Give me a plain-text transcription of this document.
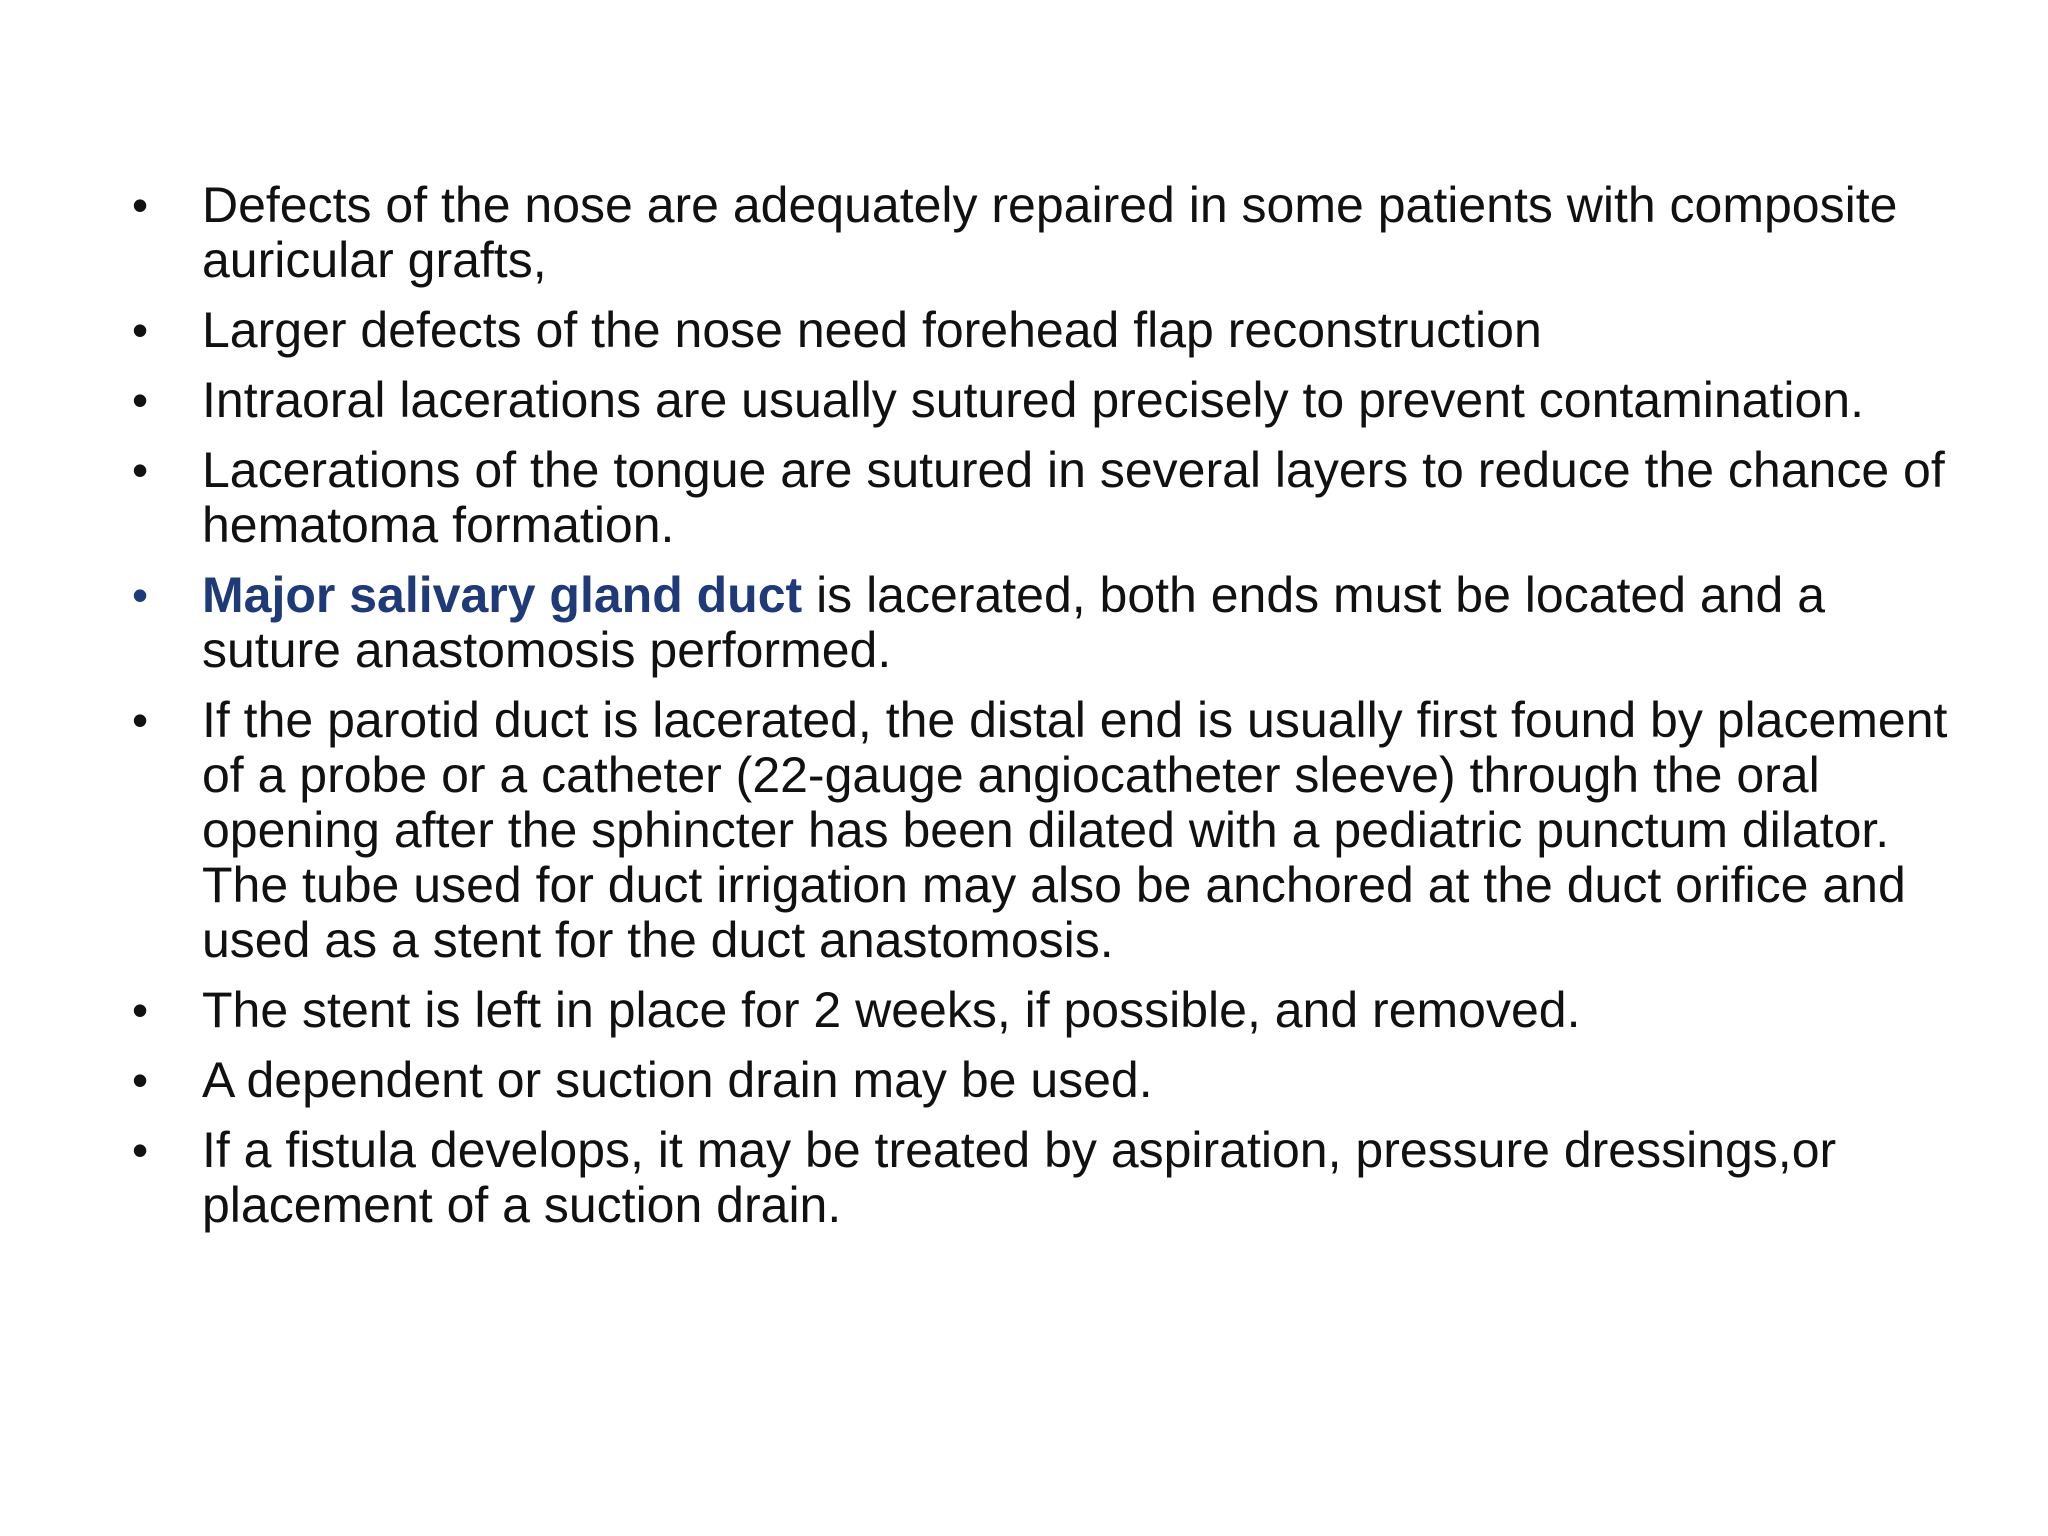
• Defects of the nose are adequately repaired in some patients with composite auricular grafts,
• Larger defects of the nose need forehead flap reconstruction
• Intraoral lacerations are usually sutured precisely to prevent contamination.
• Lacerations of the tongue are sutured in several layers to reduce the chance of hematoma formation.
• Major salivary gland duct is lacerated, both ends must be located and a suture anastomosis performed.
• If the parotid duct is lacerated, the distal end is usually first found by placement of a probe or a catheter (22-gauge angiocatheter sleeve) through the oral opening after the sphincter has been dilated with a pediatric punctum dilator. The tube used for duct irrigation may also be anchored at the duct orifice and used as a stent for the duct anastomosis.
• The stent is left in place for 2 weeks, if possible, and removed.
• A dependent or suction drain may be used.
• If a fistula develops, it may be treated by aspiration, pressure dressings,or placement of a suction drain.
